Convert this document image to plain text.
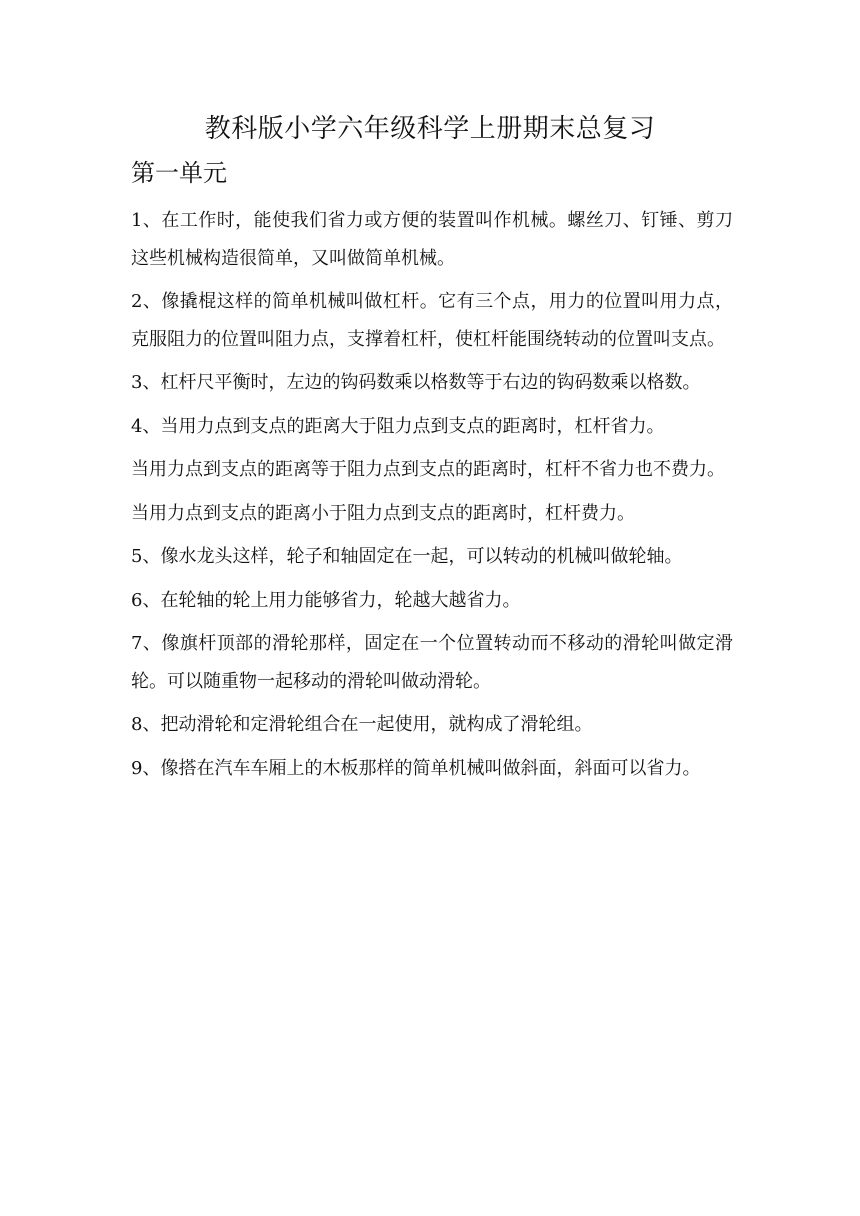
教科版小学六年级科学上册期末总复习
第一单元

1、在工作时，能使我们省力或方便的装置叫作机械。螺丝刀、钉锤、剪刀这些机械构造很简单，又叫做简单机械。

2、像撬棍这样的简单机械叫做杠杆。它有三个点，用力的位置叫用力点，克服阻力的位置叫阻力点，支撑着杠杆，使杠杆能围绕转动的位置叫支点。

3、杠杆尺平衡时，左边的钩码数乘以格数等于右边的钩码数乘以格数。

4、当用力点到支点的距离大于阻力点到支点的距离时，杠杆省力。

当用力点到支点的距离等于阻力点到支点的距离时，杠杆不省力也不费力。

当用力点到支点的距离小于阻力点到支点的距离时，杠杆费力。

5、像水龙头这样，轮子和轴固定在一起，可以转动的机械叫做轮轴。

6、在轮轴的轮上用力能够省力，轮越大越省力。

7、像旗杆顶部的滑轮那样，固定在一个位置转动而不移动的滑轮叫做定滑轮。可以随重物一起移动的滑轮叫做动滑轮。

8、把动滑轮和定滑轮组合在一起使用，就构成了滑轮组。

9、像搭在汽车车厢上的木板那样的简单机械叫做斜面，斜面可以省力。
